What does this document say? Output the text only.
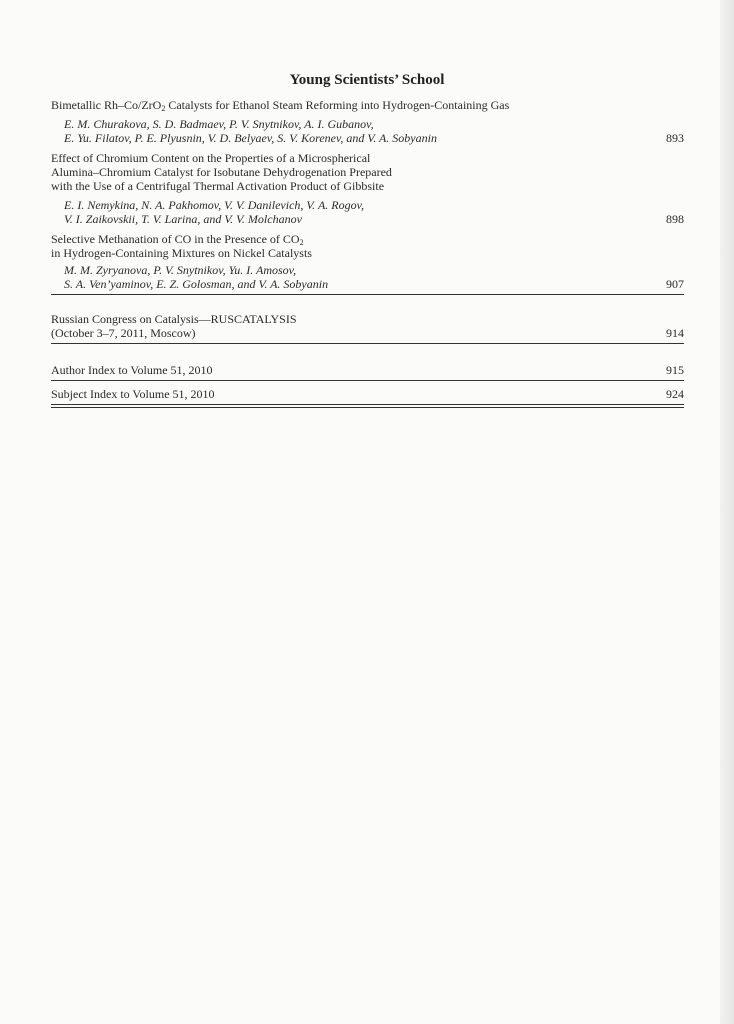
Young Scientists’ School
Bimetallic Rh–Co/ZrO$_2$ Catalysts for Ethanol Steam Reforming into Hydrogen-Containing Gas
E. M. Churakova, S. D. Badmaev, P. V. Snytnikov, A. I. Gubanov,
E. Yu. Filatov, P. E. Plyusnin, V. D. Belyaev, S. V. Korenev, and V. A. Sobyanin	893
Effect of Chromium Content on the Properties of a Microspherical
Alumina–Chromium Catalyst for Isobutane Dehydrogenation Prepared
with the Use of a Centrifugal Thermal Activation Product of Gibbsite
E. I. Nemykina, N. A. Pakhomov, V. V. Danilevich, V. A. Rogov,
V. I. Zaikovskii, T. V. Larina, and V. V. Molchanov	898
Selective Methanation of CO in the Presence of $CO_2$
in Hydrogen-Containing Mixtures on Nickel Catalysts
M. M. Zyryanova, P. V. Snytnikov, Yu. I. Amosov,
S. A. Ven’yaminov, E. Z. Golosman, and V. A. Sobyanin	907
Russian Congress on Catalysis—RUSCATALYSIS
(October 3–7, 2011, Moscow)	914
Author Index to Volume 51, 2010	915
Subject Index to Volume 51, 2010	924
